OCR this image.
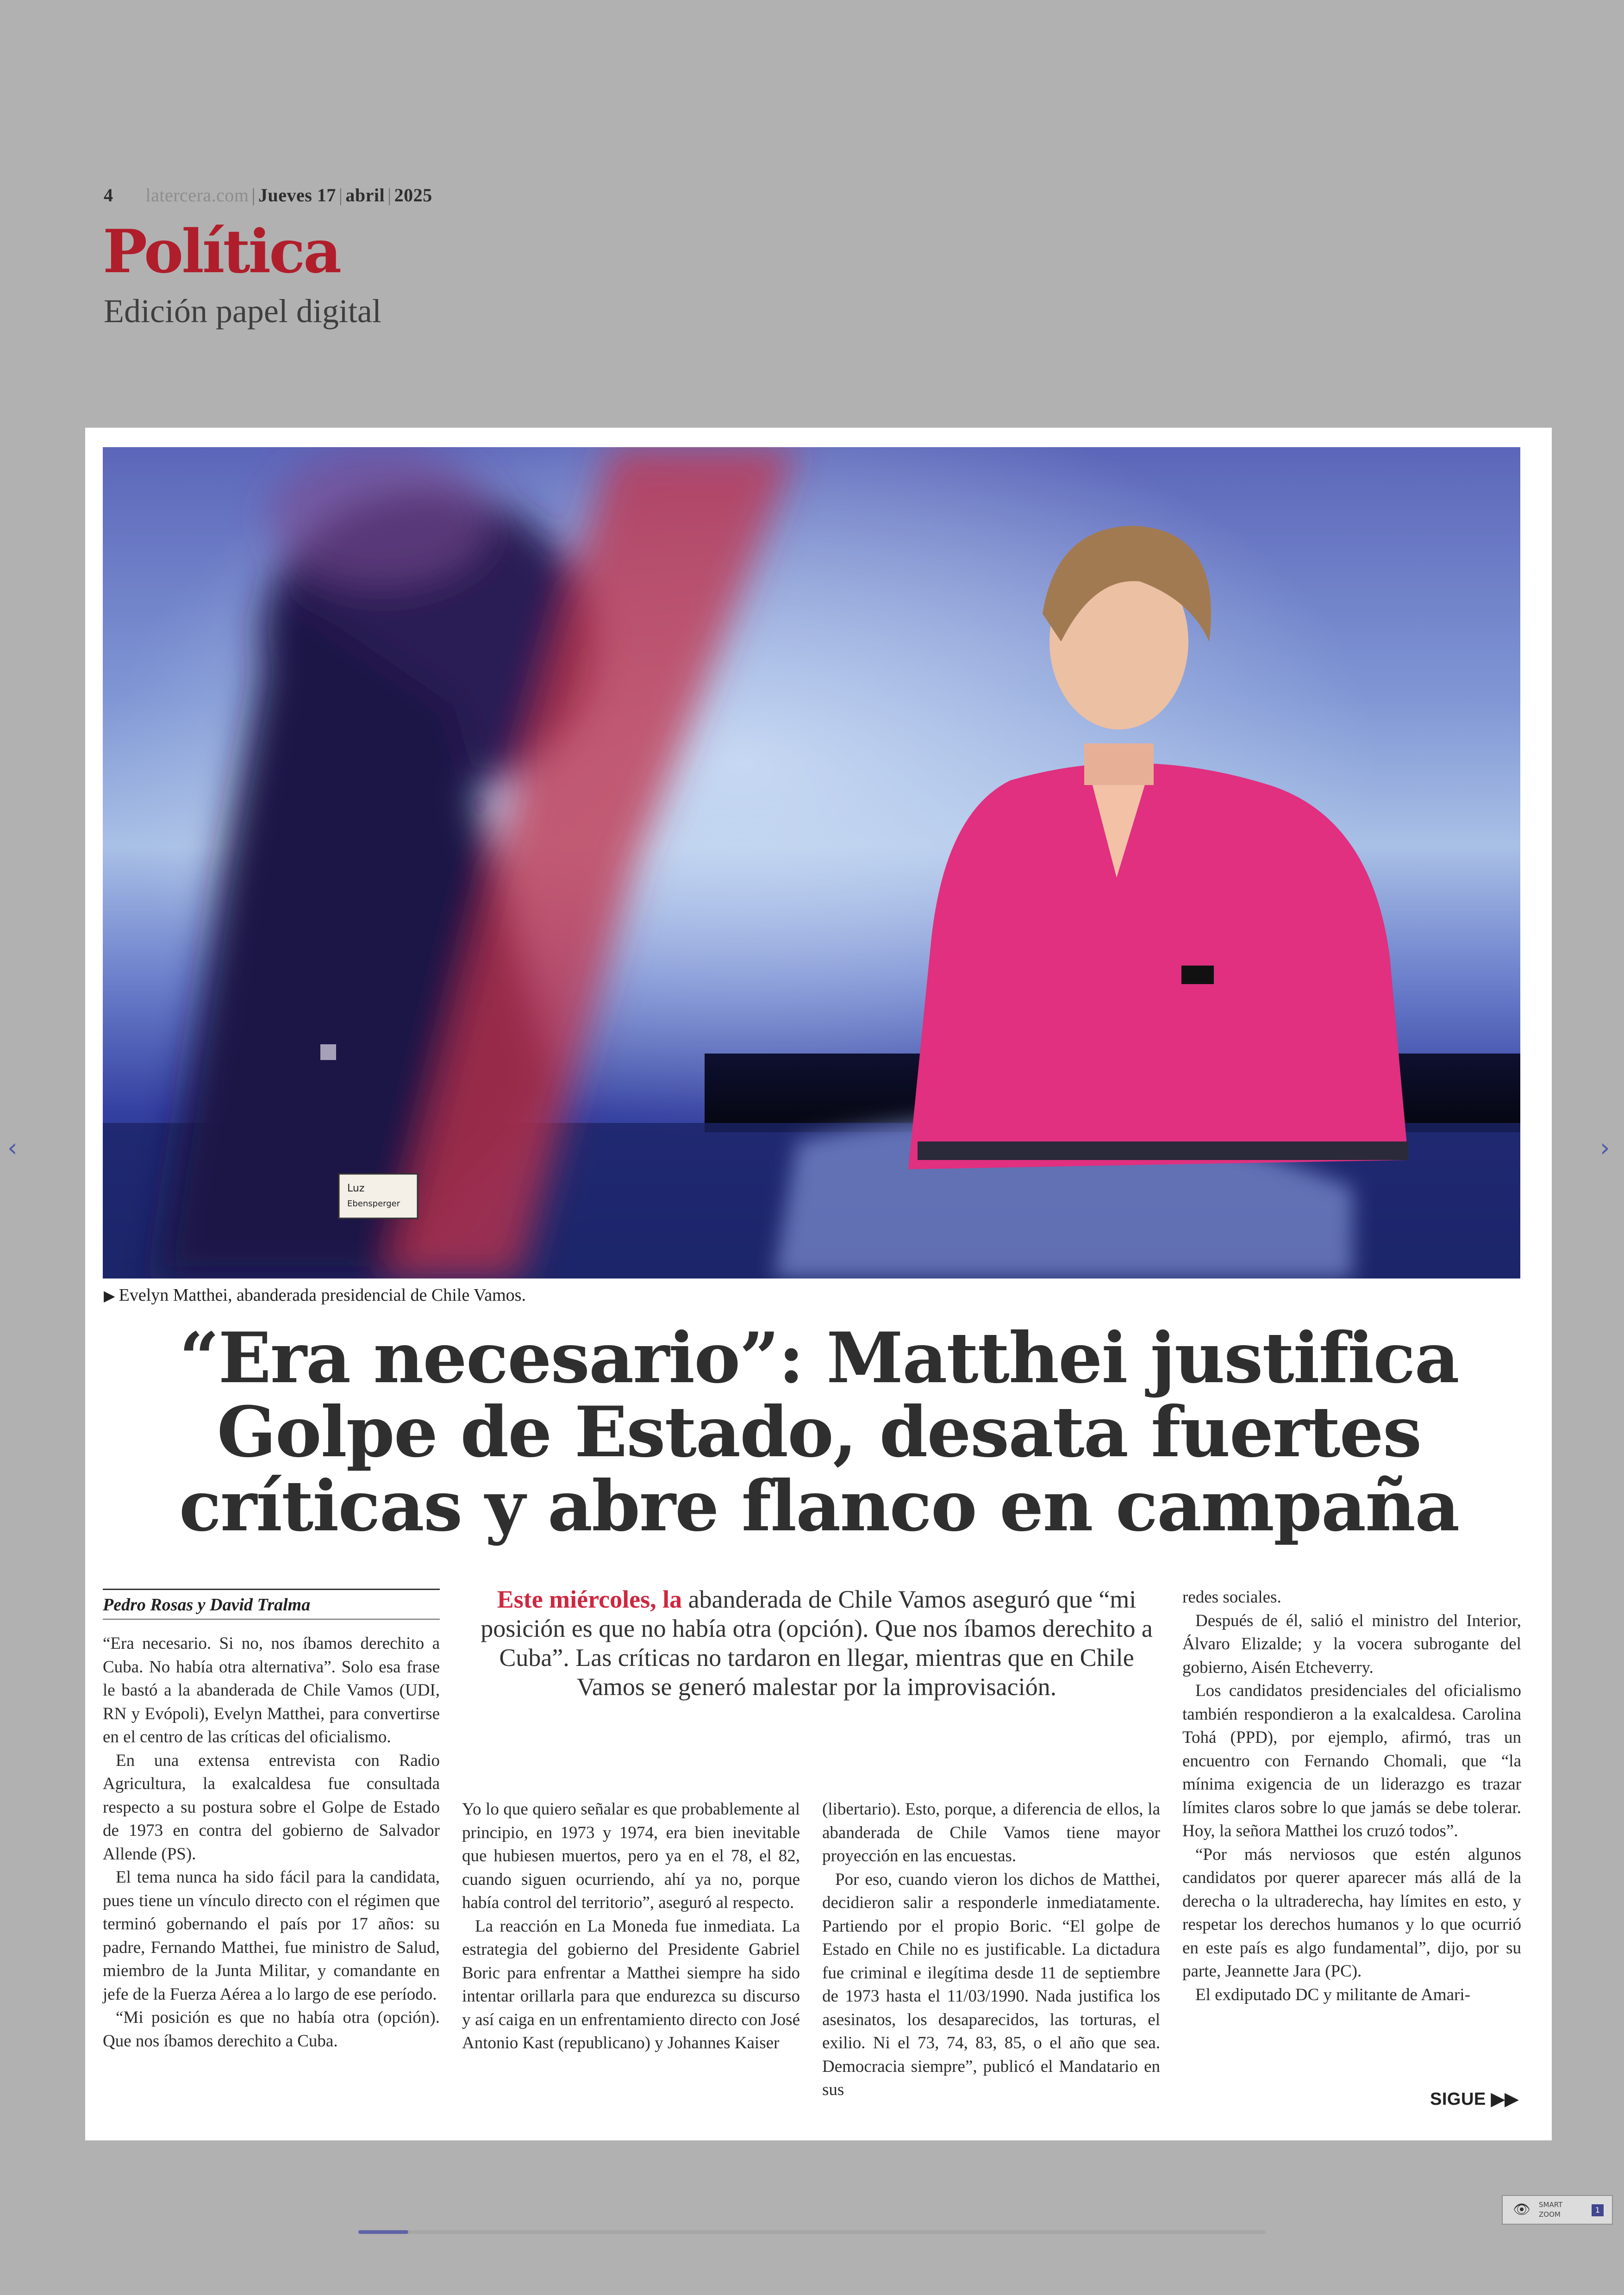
4 latercera.com | Jueves 17 | abril | 2025
Política
Edición papel digital
Luz
Ebensperger
▶ Evelyn Matthei, abanderada presidencial de Chile Vamos.
“Era necesario”: Matthei justifica Golpe de Estado, desata fuertes críticas y abre flanco en campaña
Pedro Rosas y David Tralma	Este miércoles, la abanderada de Chile Vamos aseguró que “mi posición es que no había otra (opción). Que nos íbamos derechito a Cuba”. Las críticas no tardaron en llegar, mientras que en Chile Vamos se generó malestar por la improvisación.

“Era necesario. Si no, nos íbamos derechito a Cuba. No había otra alternativa”. Solo esa frase le bastó a la abanderada de Chile Vamos (UDI, RN y Evópoli), Evelyn Matthei, para convertirse en el centro de las críticas del oficialismo.

En una extensa entrevista con Radio Agricultura, la exalcaldesa fue consultada respecto a su postura sobre el Golpe de Estado de 1973 en contra del gobierno de Salvador Allende (PS).

El tema nunca ha sido fácil para la candidata, pues tiene un vínculo directo con el régimen que terminó gobernando el país por 17 años: su padre, Fernando Matthei, fue ministro de Salud, miembro de la Junta Militar, y comandante en jefe de la Fuerza Aérea a lo largo de ese período.

“Mi posición es que no había otra (opción). Que nos íbamos derechito a Cuba.

Yo lo que quiero señalar es que probablemente al principio, en 1973 y 1974, era bien inevitable que hubiesen muertos, pero ya en el 78, el 82, cuando siguen ocurriendo, ahí ya no, porque había control del territorio”, aseguró al respecto.

La reacción en La Moneda fue inmediata. La estrategia del gobierno del Presidente Gabriel Boric para enfrentar a Matthei siempre ha sido intentar orillarla para que endurezca su discurso y así caiga en un enfrentamiento directo con José Antonio Kast (republicano) y Johannes Kaiser

(libertario). Esto, porque, a diferencia de ellos, la abanderada de Chile Vamos tiene mayor proyección en las encuestas.

Por eso, cuando vieron los dichos de Matthei, decidieron salir a responderle inmediatamente. Partiendo por el propio Boric. “El golpe de Estado en Chile no es justificable. La dictadura fue criminal e ilegítima desde 11 de septiembre de 1973 hasta el 11/03/1990. Nada justifica los asesinatos, los desaparecidos, las torturas, el exilio. Ni el 73, 74, 83, 85, o el año que sea. Democracia siempre”, publicó el Mandatario en sus

redes sociales.

Después de él, salió el ministro del Interior, Álvaro Elizalde; y la vocera subrogante del gobierno, Aisén Etcheverry.

Los candidatos presidenciales del oficialismo también respondieron a la exalcaldesa. Carolina Tohá (PPD), por ejemplo, afirmó, tras un encuentro con Fernando Chomali, que “la mínima exigencia de un liderazgo es trazar límites claros sobre lo que jamás se debe tolerar. Hoy, la señora Matthei los cruzó todos”.

“Por más nerviosos que estén algunos candidatos por querer aparecer más allá de la derecha o la ultraderecha, hay límites en esto, y respetar los derechos humanos y lo que ocurrió en este país es algo fundamental”, dijo, por su parte, Jeannette Jara (PC).

El exdiputado DC y militante de Amari-

SIGUE ▶▶
‹	›
👁 SMART
ZOOM	1
